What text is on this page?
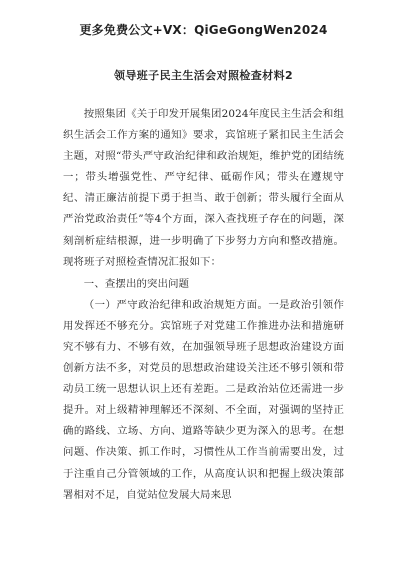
更多免费公文+VX：QiGeGongWen2024
领导班子民主生活会对照检查材料2

按照集团《关于印发开展集团2024年度民主生活会和组织生活会工作方案的通知》要求，宾馆班子紧扣民主生活会主题，对照“带头严守政治纪律和政治规矩，维护党的团结统一；带头增强党性、严守纪律、砥砺作风；带头在遵规守纪、清正廉洁前提下勇于担当、敢于创新；带头履行全面从严治党政治责任”等4个方面，深入查找班子存在的问题，深刻剖析症结根源，进一步明确了下步努力方向和整改措施。现将班子对照检查情况汇报如下：

一、查摆出的突出问题

（一）严守政治纪律和政治规矩方面。一是政治引领作用发挥还不够充分。宾馆班子对党建工作推进办法和措施研究不够有力、不够有效，在加强领导班子思想政治建设方面创新方法不多，对党员的思想政治建设关注还不够引领和带动员工统一思想认识上还有差距。二是政治站位还需进一步提升。对上级精神理解还不深刻、不全面，对强调的坚持正确的路线、立场、方向、道路等缺少更为深入的思考。在想问题、作决策、抓工作时，习惯性从工作当前需要出发，过于注重自己分管领域的工作，从高度认识和把握上级决策部署相对不足，自觉站位发展大局来思
